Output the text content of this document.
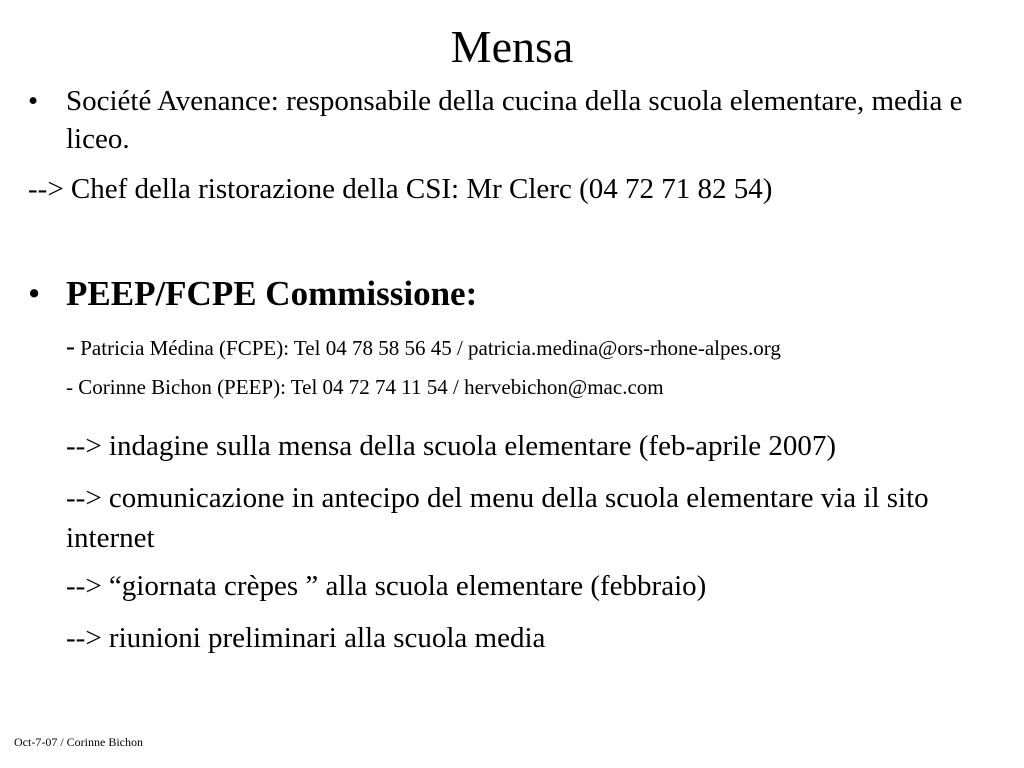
Mensa
• Société Avenance: responsabile della cucina della scuola elementare, media e liceo.
--> Chef della ristorazione della CSI: Mr Clerc (04 72 71 82 54)
• PEEP/FCPE Commissione:
- Patricia Médina (FCPE): Tel 04 78 58 56 45 / patricia.medina@ors-rhone-alpes.org
- Corinne Bichon (PEEP): Tel 04 72 74 11 54 / hervebichon@mac.com
--> indagine sulla mensa della scuola elementare (feb-aprile 2007)
--> comunicazione in antecipo del menu della scuola elementare via il sito internet
--> “giornata crèpes ” alla scuola elementare (febbraio)
--> riunioni preliminari alla scuola media
Oct-7-07 / Corinne Bichon
